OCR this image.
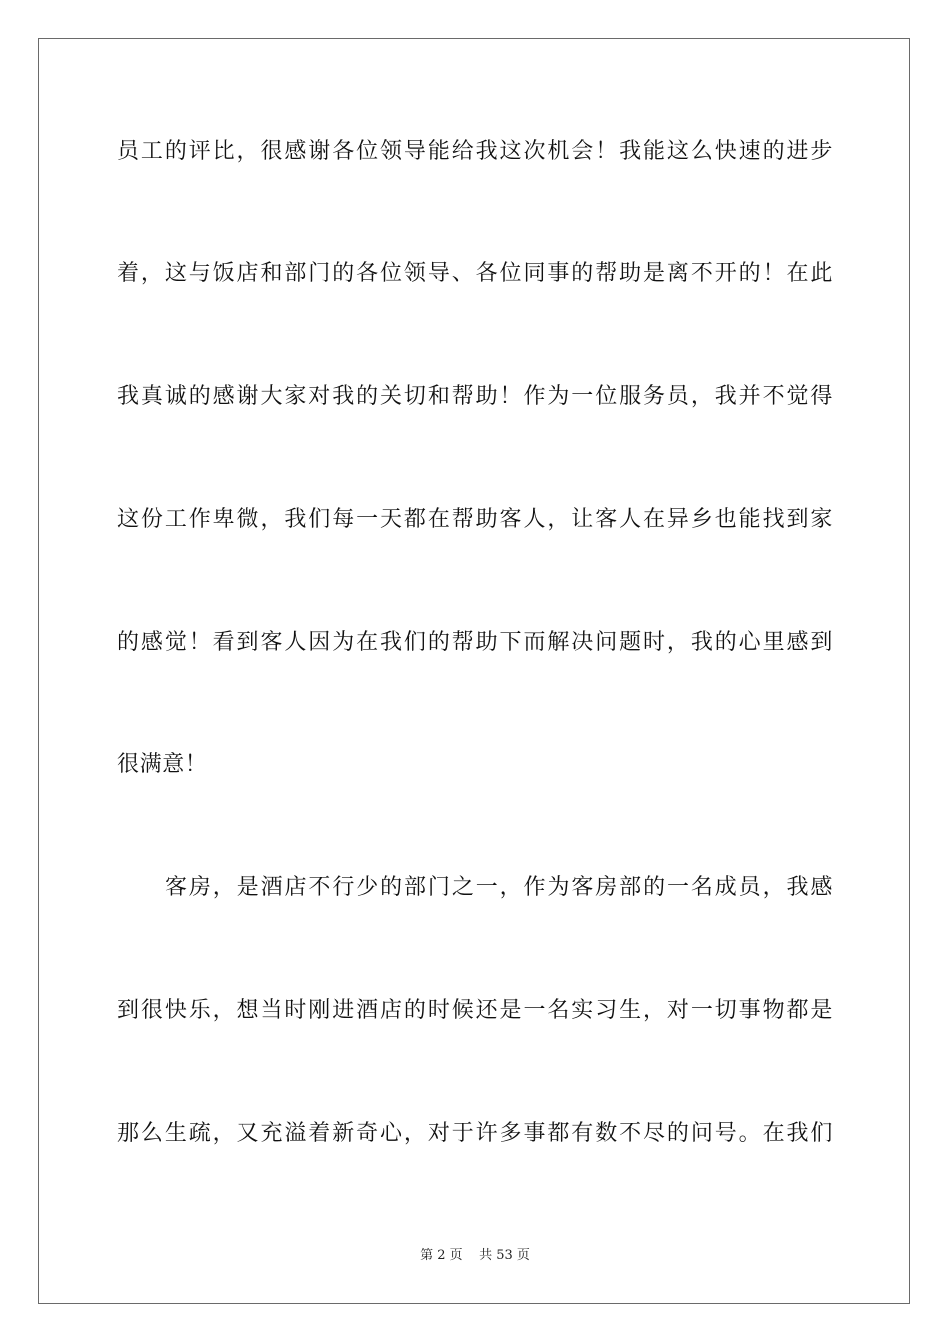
员工的评比，很感谢各位领导能给我这次机会！我能这么快速的进步
着，这与饭店和部门的各位领导、各位同事的帮助是离不开的！在此
我真诚的感谢大家对我的关切和帮助！作为一位服务员，我并不觉得
这份工作卑微，我们每一天都在帮助客人，让客人在异乡也能找到家
的感觉！看到客人因为在我们的帮助下而解决问题时，我的心里感到
很满意！
客房，是酒店不行少的部门之一，作为客房部的一名成员，我感
到很快乐，想当时刚进酒店的时候还是一名实习生，对一切事物都是
那么生疏，又充溢着新奇心，对于许多事都有数不尽的问号。在我们
第 2 页    共 53 页
